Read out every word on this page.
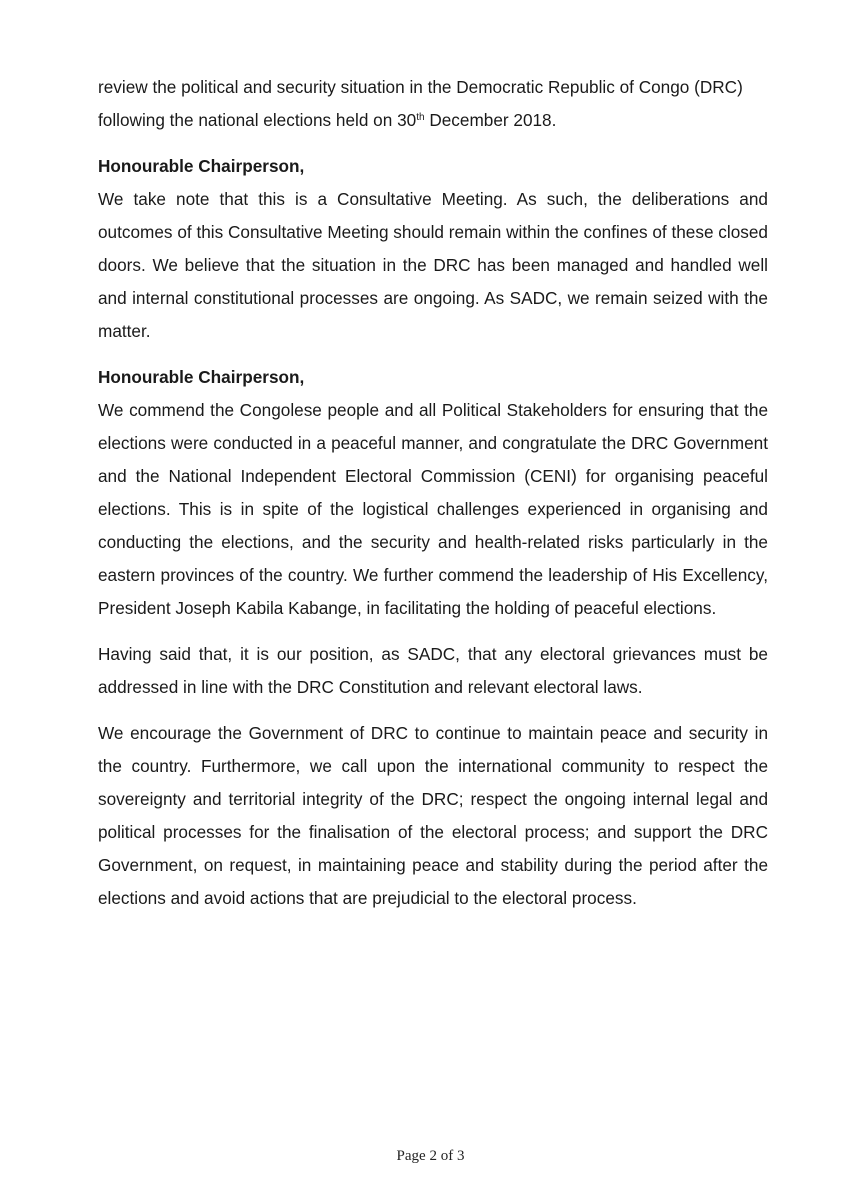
review the political and security situation in the Democratic Republic of Congo (DRC) following the national elections held on 30th December 2018.

Honourable Chairperson,

We take note that this is a Consultative Meeting. As such, the deliberations and outcomes of this Consultative Meeting should remain within the confines of these closed doors. We believe that the situation in the DRC has been managed and handled well and internal constitutional processes are ongoing. As SADC, we remain seized with the matter.

Honourable Chairperson,

We commend the Congolese people and all Political Stakeholders for ensuring that the elections were conducted in a peaceful manner, and congratulate the DRC Government and the National Independent Electoral Commission (CENI) for organising peaceful elections. This is in spite of the logistical challenges experienced in organising and conducting the elections, and the security and health-related risks particularly in the eastern provinces of the country. We further commend the leadership of His Excellency, President Joseph Kabila Kabange, in facilitating the holding of peaceful elections.

Having said that, it is our position, as SADC, that any electoral grievances must be addressed in line with the DRC Constitution and relevant electoral laws.

We encourage the Government of DRC to continue to maintain peace and security in the country. Furthermore, we call upon the international community to respect the sovereignty and territorial integrity of the DRC; respect the ongoing internal legal and political processes for the finalisation of the electoral process; and support the DRC Government, on request, in maintaining peace and stability during the period after the elections and avoid actions that are prejudicial to the electoral process.

Page 2 of 3
